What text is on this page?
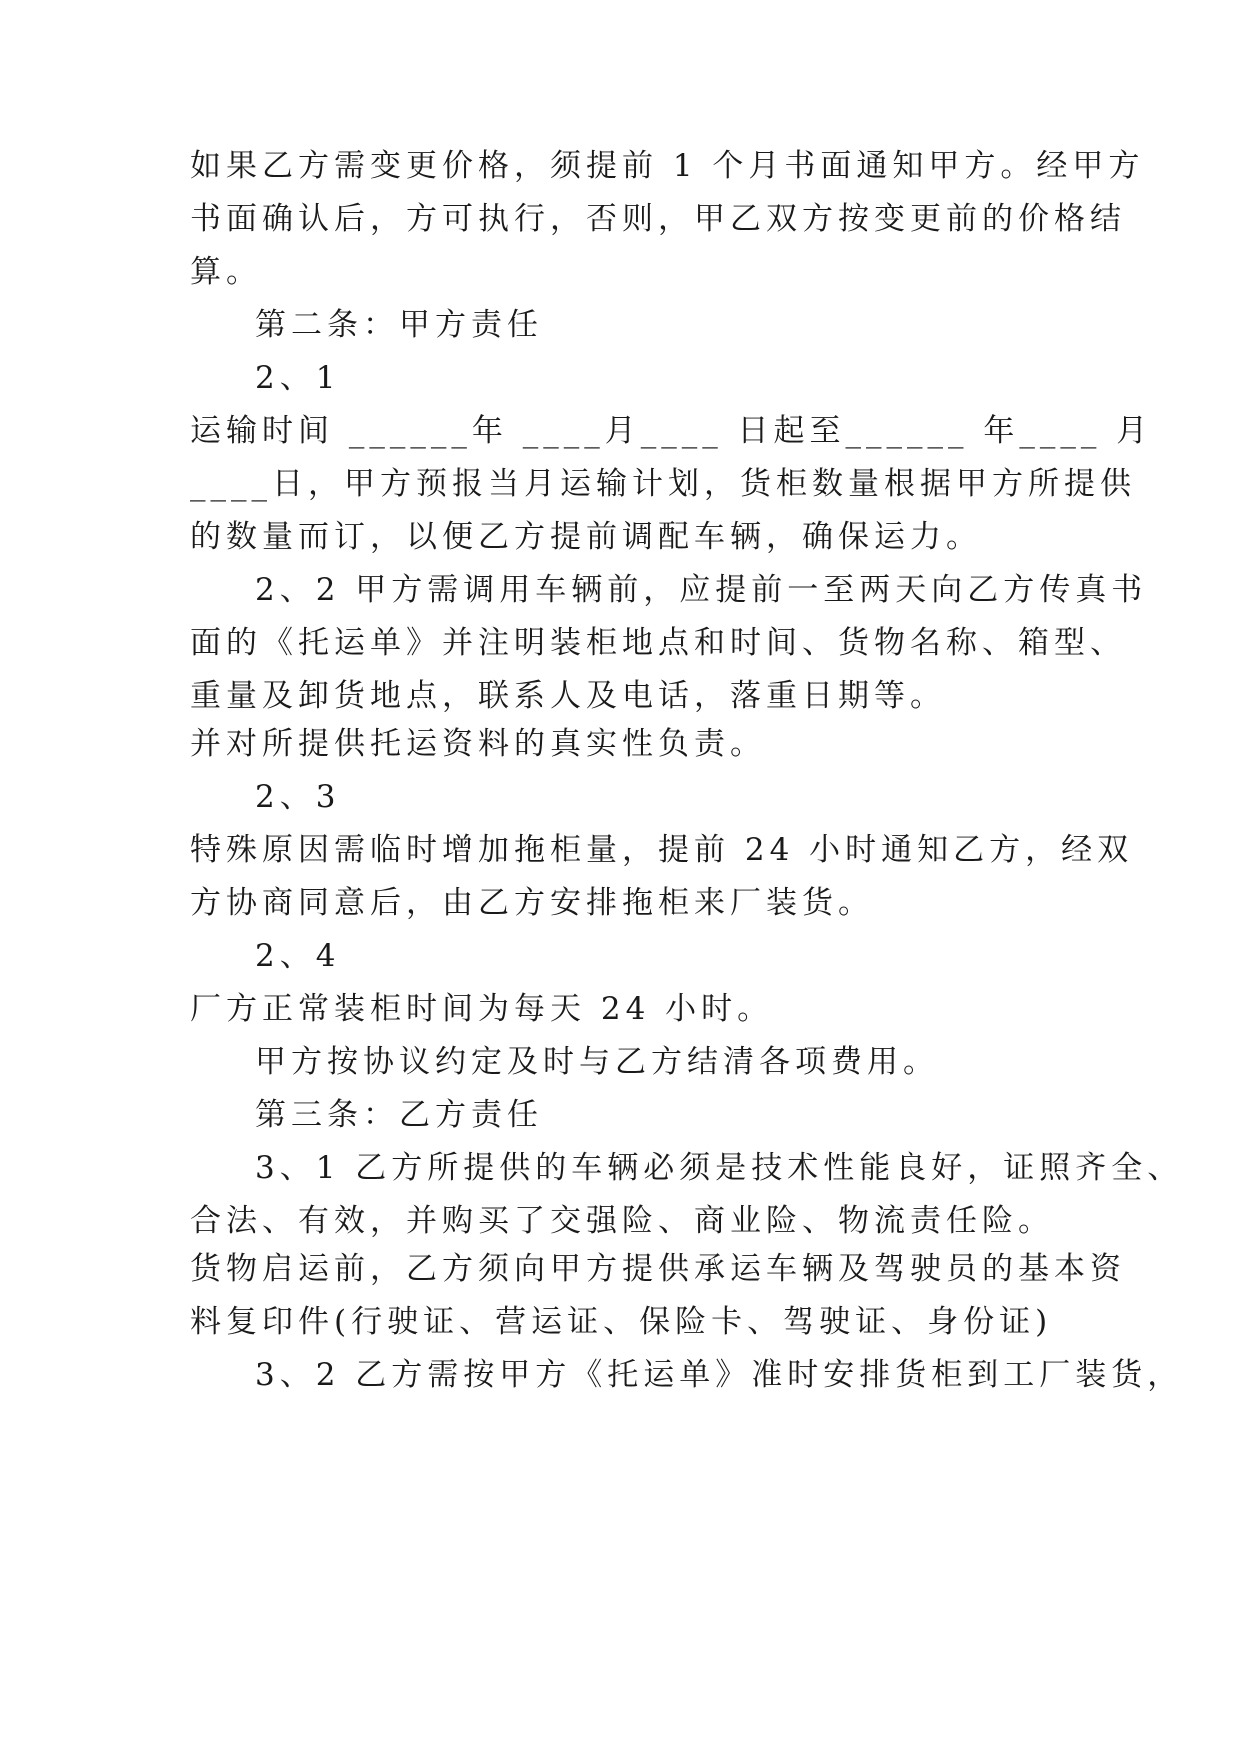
如果乙方需变更价格，须提前 1 个月书面通知甲方。经甲方
书面确认后，方可执行，否则，甲乙双方按变更前的价格结
算。
第二条：甲方责任
2、1
运输时间 ______年 ____月____ 日起至______ 年____ 月
____日，甲方预报当月运输计划，货柜数量根据甲方所提供
的数量而订，以便乙方提前调配车辆，确保运力。
2、2 甲方需调用车辆前，应提前一至两天向乙方传真书
面的《托运单》并注明装柜地点和时间、货物名称、箱型、
重量及卸货地点，联系人及电话，落重日期等。
并对所提供托运资料的真实性负责。
2、3
特殊原因需临时增加拖柜量，提前 24 小时通知乙方，经双
方协商同意后，由乙方安排拖柜来厂装货。
2、4
厂方正常装柜时间为每天 24 小时。
甲方按协议约定及时与乙方结清各项费用。
第三条：乙方责任
3、1 乙方所提供的车辆必须是技术性能良好，证照齐全、
合法、有效，并购买了交强险、商业险、物流责任险。
货物启运前，乙方须向甲方提供承运车辆及驾驶员的基本资
料复印件(行驶证、营运证、保险卡、驾驶证、身份证)
3、2 乙方需按甲方《托运单》准时安排货柜到工厂装货，
